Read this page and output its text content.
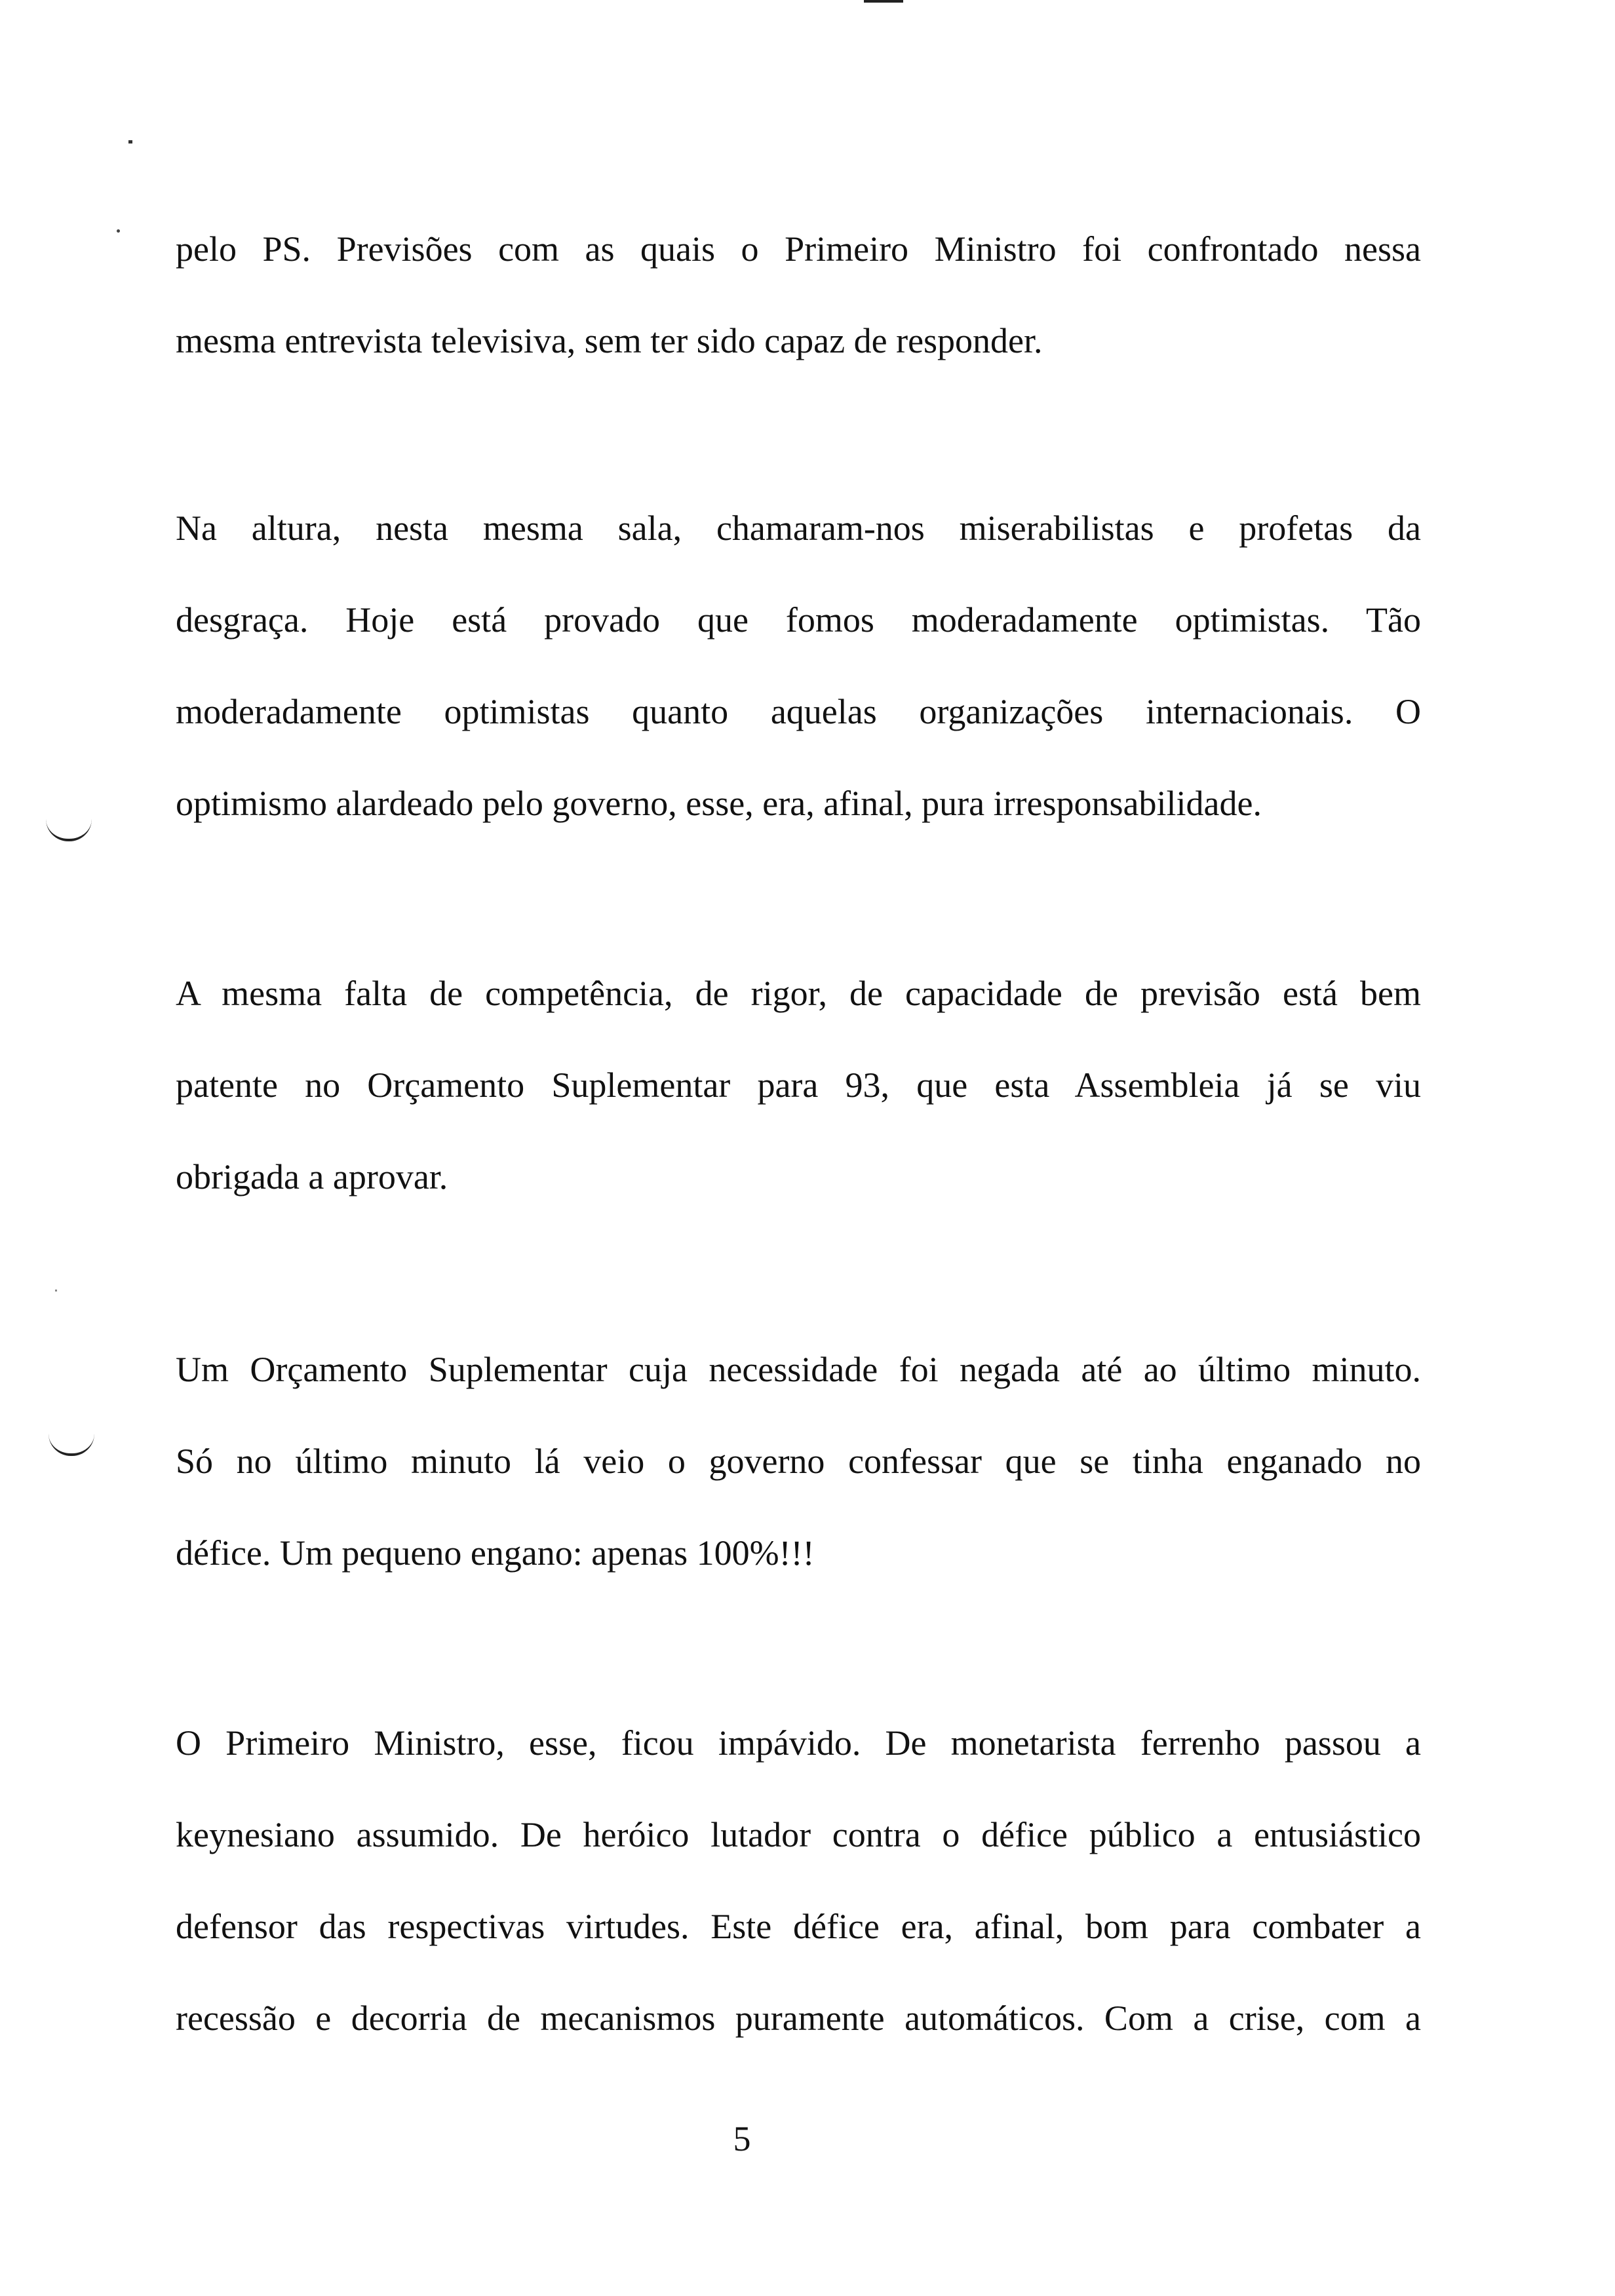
pelo PS. Previsões com as quais o Primeiro Ministro foi confrontado nessa
mesma entrevista televisiva, sem ter sido capaz de responder.

Na altura, nesta mesma sala, chamaram-nos miserabilistas e profetas da
desgraça. Hoje está provado que fomos moderadamente optimistas. Tão
moderadamente optimistas quanto aquelas organizações internacionais. O
optimismo alardeado pelo governo, esse, era, afinal, pura irresponsabilidade.

A mesma falta de competência, de rigor, de capacidade de previsão está bem
patente no Orçamento Suplementar para 93, que esta Assembleia já se viu
obrigada a aprovar.

Um Orçamento Suplementar cuja necessidade foi negada até ao último minuto.
Só no último minuto lá veio o governo confessar que se tinha enganado no
défice. Um pequeno engano: apenas 100%!!!

O Primeiro Ministro, esse, ficou impávido. De monetarista ferrenho passou a
keynesiano assumido. De heróico lutador contra o défice público a entusiástico
defensor das respectivas virtudes. Este défice era, afinal, bom para combater a
recessão e decorria de mecanismos puramente automáticos. Com a crise, com a

5
